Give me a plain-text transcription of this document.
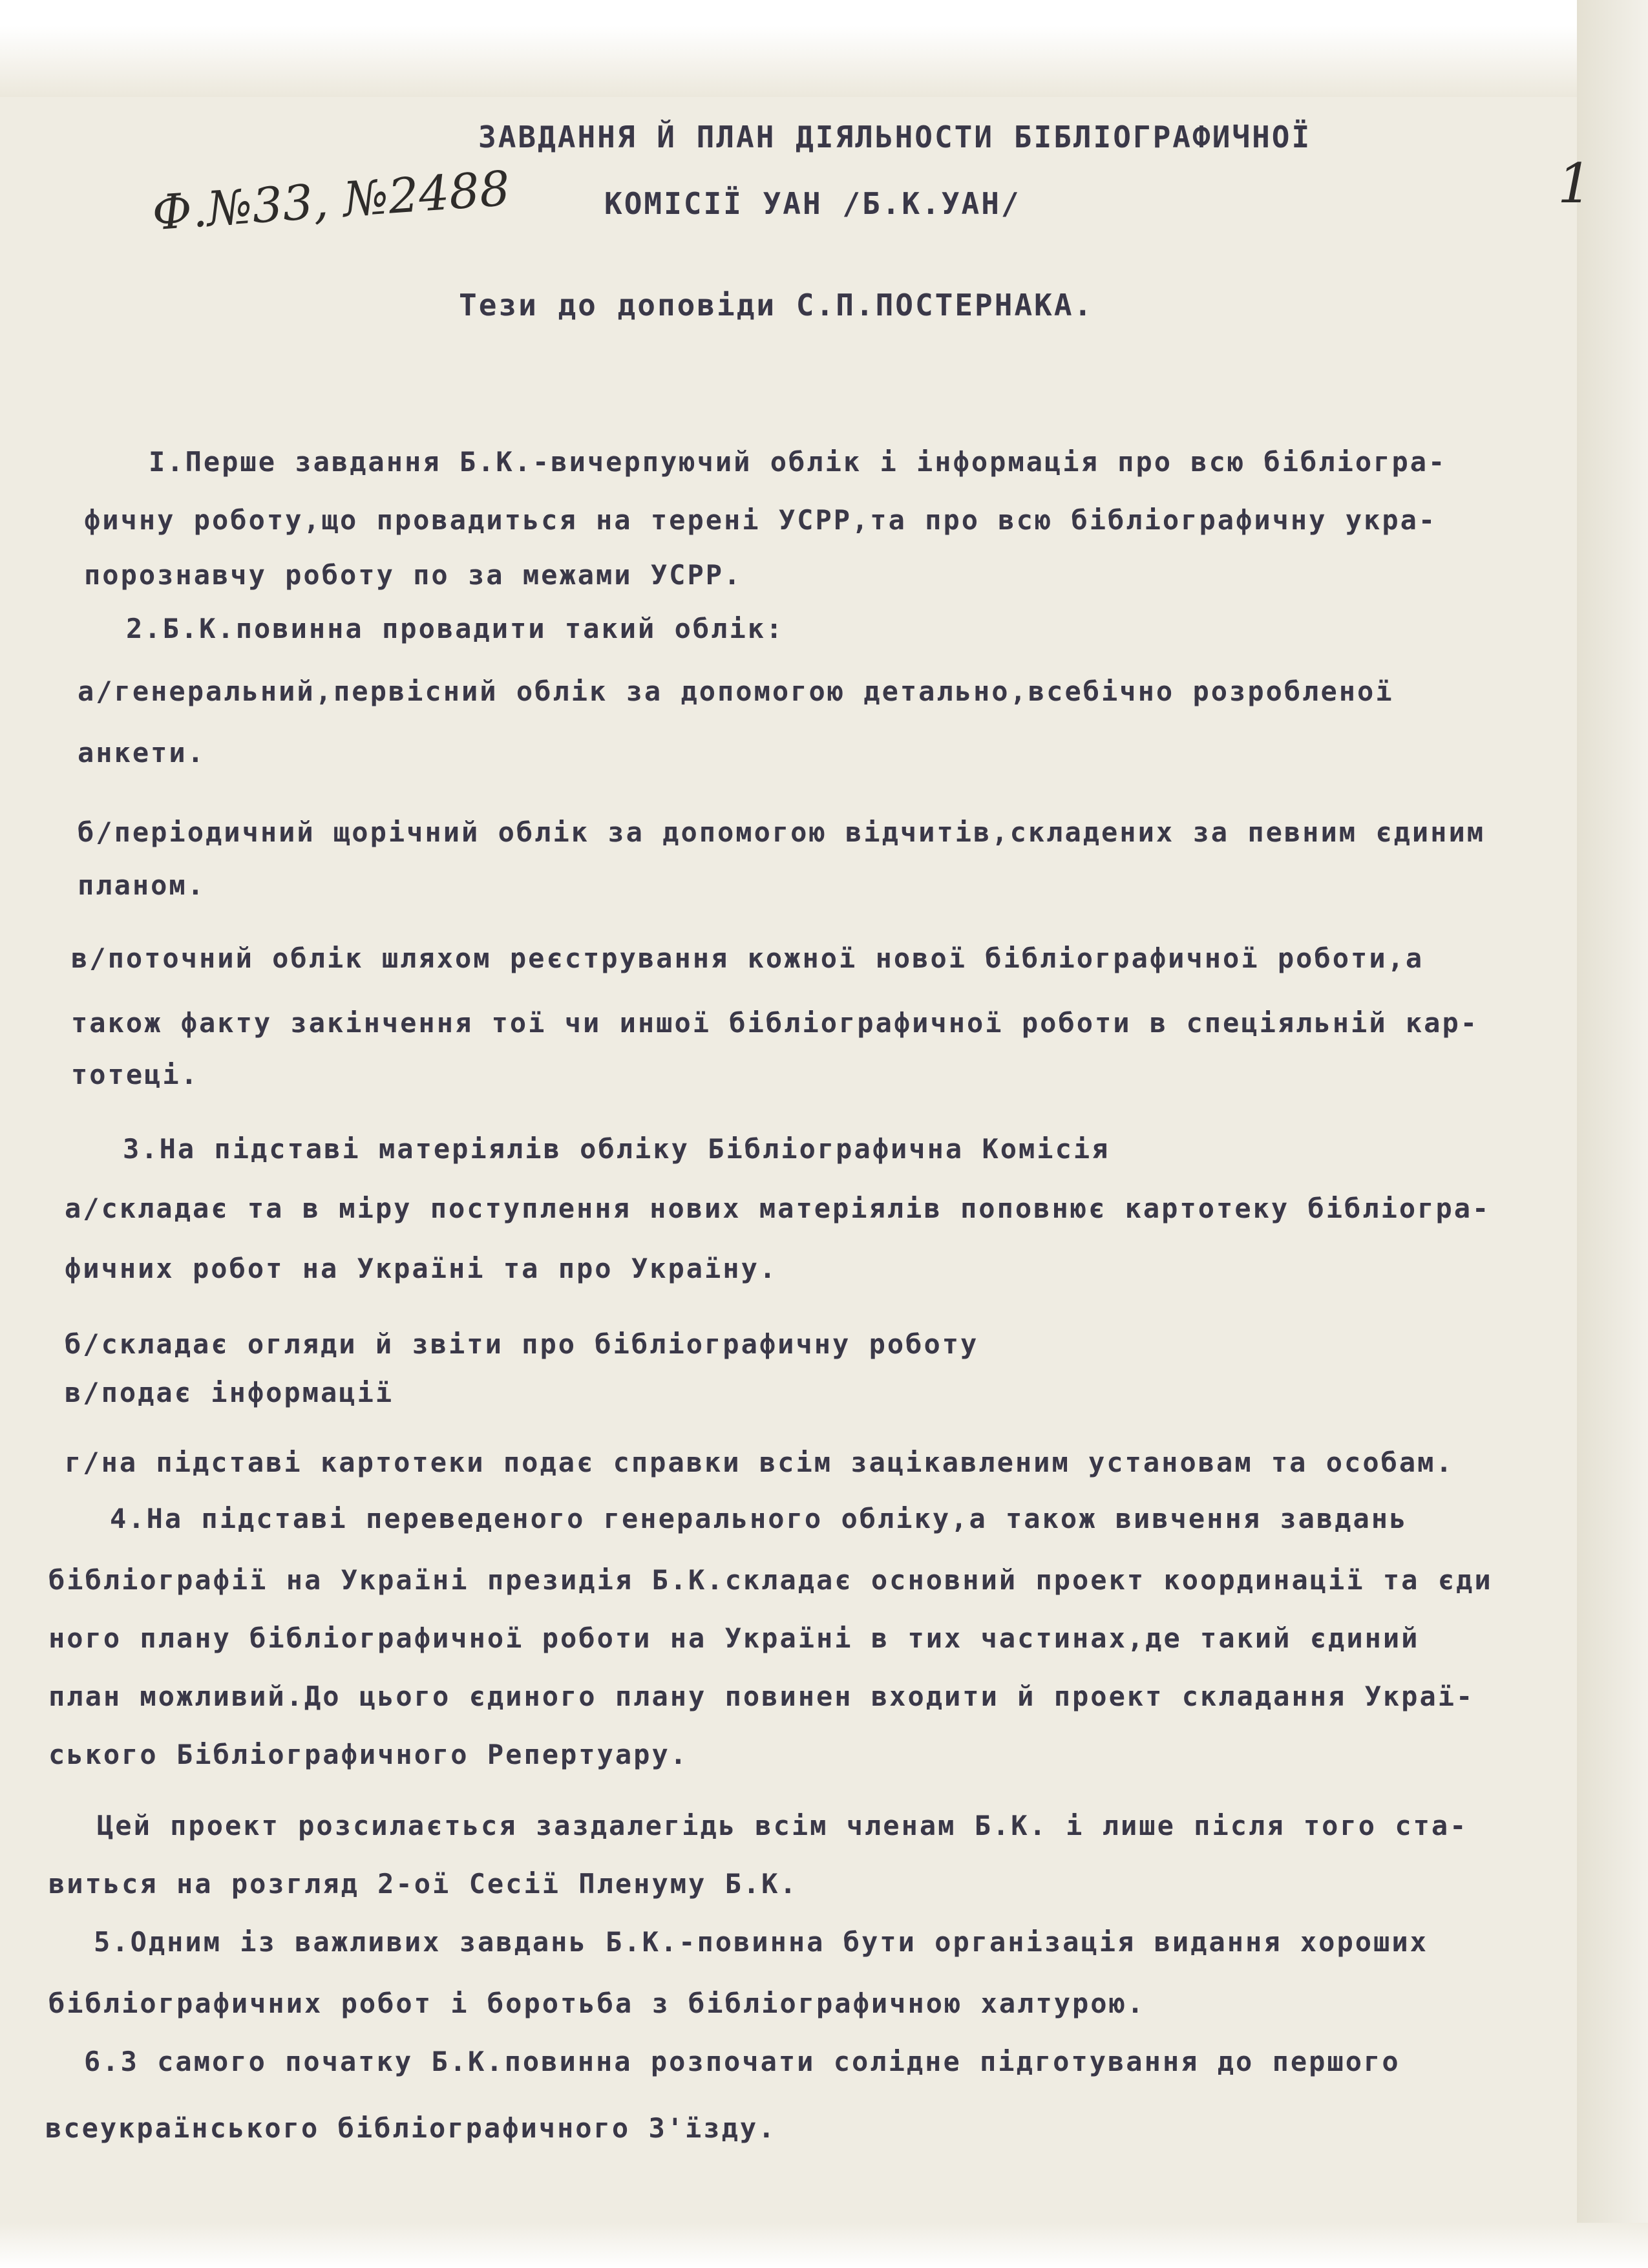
Ф.№33, №2488	1
ЗАВДАННЯ Й ПЛАН ДІЯЛЬНОСТИ БІБЛІОГРАФИЧНОЇ
КОМІСІЇ УАН /Б.К.УАН/
Тези до доповіди С.П.ПОСТЕРНАКА.
І.Перше завдання Б.К.-вичерпуючий облік і інформація про всю бібліогра-
фичну роботу,що провадиться на терені УСРР,та про всю бібліографичну укра-
порознавчу роботу по за межами УСРР.
2.Б.К.повинна провадити такий облік:
а/генеральний,первісний облік за допомогою детально,всебічно розробленої
анкети.
б/періодичний щорічний облік за допомогою відчитів,складених за певним єдиним
планом.
в/поточний облік шляхом реєстрування кожної нової бібліографичної роботи,а
також факту закінчення тої чи иншої бібліографичної роботи в спеціяльній кар-
тотеці.
3.На підставі матеріялів обліку Бібліографична Комісія
а/складає та в міру поступлення нових матеріялів поповнює картотеку бібліогра-
фичних робот на Україні та про Україну.
б/складає огляди й звіти про бібліографичну роботу
в/подає інформації
г/на підставі картотеки подає справки всім зацікавленим установам та особам.
4.На підставі переведеного генерального обліку,а також вивчення завдань
бібліографії на Україні президія Б.К.складає основний проект координації та єди
ного плану бібліографичної роботи на Україні в тих частинах,де такий єдиний
план можливий.До цього єдиного плану повинен входити й проект складання Украї-
ського Бібліографичного Репертуару.
Цей проект розсилається заздалегідь всім членам Б.К. і лише після того ста-
виться на розгляд 2-ої Сесії Пленуму Б.К.
5.Одним із важливих завдань Б.К.-повинна бути організація видання хороших
бібліографичних робот і боротьба з бібліографичною халтурою.
6.З самого початку Б.К.повинна розпочати солідне підготування до першого
всеукраїнського бібліографичного З'їзду.
